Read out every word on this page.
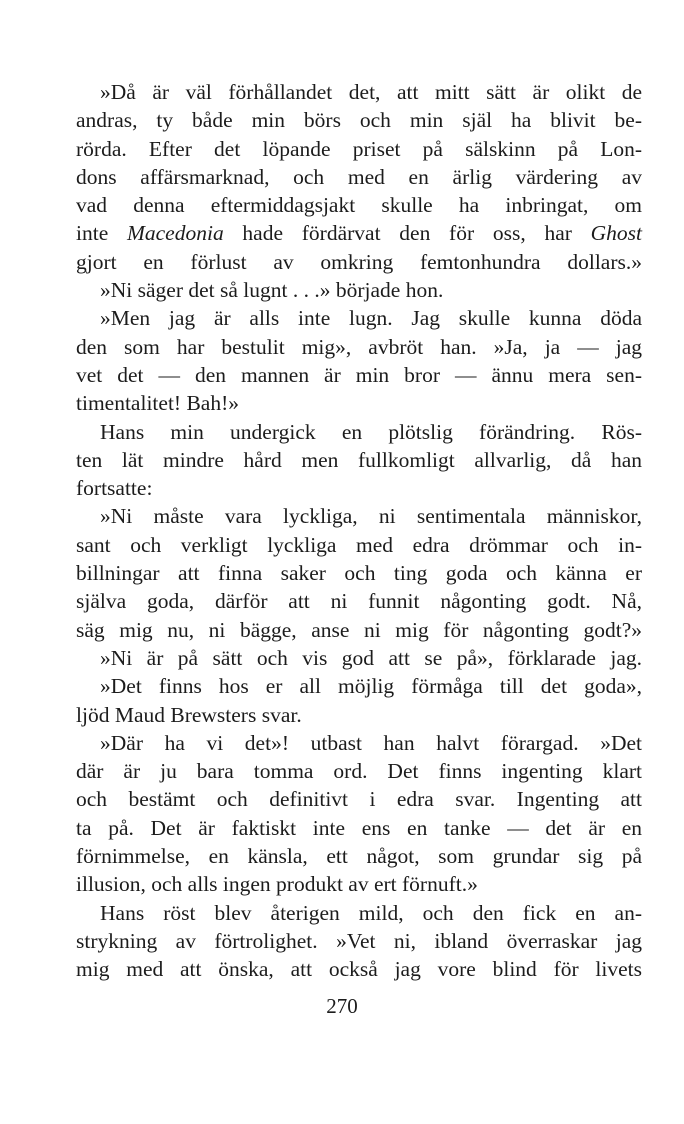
»Då är väl förhållandet det, att mitt sätt är olikt de
andras, ty både min börs och min själ ha blivit be-
rörda. Efter det löpande priset på sälskinn på Lon-
dons affärsmarknad, och med en ärlig värdering av
vad denna eftermiddagsjakt skulle ha inbringat, om
inte Macedonia hade fördärvat den för oss, har Ghost
gjort en förlust av omkring femtonhundra dollars.»
»Ni säger det så lugnt . . .» började hon.
»Men jag är alls inte lugn. Jag skulle kunna döda
den som har bestulit mig», avbröt han. »Ja, ja — jag
vet det — den mannen är min bror — ännu mera sen-
timentalitet! Bah!»
Hans min undergick en plötslig förändring. Rös-
ten lät mindre hård men fullkomligt allvarlig, då han
fortsatte:
»Ni måste vara lyckliga, ni sentimentala människor,
sant och verkligt lyckliga med edra drömmar och in-
billningar att finna saker och ting goda och känna er
själva goda, därför att ni funnit någonting godt. Nå,
säg mig nu, ni bägge, anse ni mig för någonting godt?»
»Ni är på sätt och vis god att se på», förklarade jag.
»Det finns hos er all möjlig förmåga till det goda»,
ljöd Maud Brewsters svar.
»Där ha vi det»! utbast han halvt förargad. »Det
där är ju bara tomma ord. Det finns ingenting klart
och bestämt och definitivt i edra svar. Ingenting att
ta på. Det är faktiskt inte ens en tanke — det är en
förnimmelse, en känsla, ett något, som grundar sig på
illusion, och alls ingen produkt av ert förnuft.»
Hans röst blev återigen mild, och den fick en an-
strykning av förtrolighet. »Vet ni, ibland överraskar jag
mig med att önska, att också jag vore blind för livets
270
